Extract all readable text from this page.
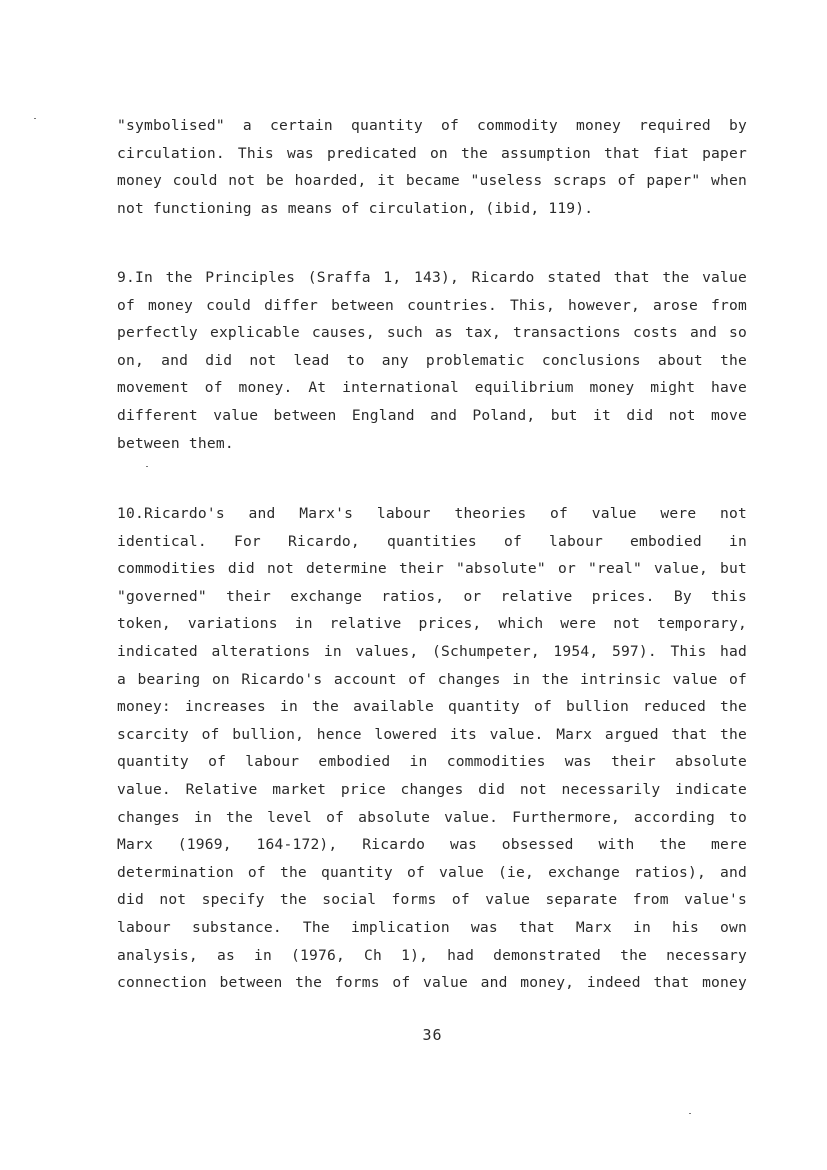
"symbolised" a certain quantity of commodity money required by
circulation. This was predicated on the assumption that fiat paper
money could not be hoarded, it became "useless scraps of paper" when
not functioning as means of circulation, (ibid, 119).
9.In the Principles (Sraffa 1, 143), Ricardo stated that the value
of money could differ between countries. This, however, arose from
perfectly explicable causes, such as tax, transactions costs and so
on, and did not lead to any problematic conclusions about the
movement of money. At international equilibrium money might have
different value between England and Poland, but it did not move
between them.
10.Ricardo's and Marx's labour theories of value were not
identical. For Ricardo, quantities of labour embodied in
commodities did not determine their "absolute" or "real" value, but
"governed" their exchange ratios, or relative prices. By this
token, variations in relative prices, which were not temporary,
indicated alterations in values, (Schumpeter, 1954, 597). This had
a bearing on Ricardo's account of changes in the intrinsic value of
money: increases in the available quantity of bullion reduced the
scarcity of bullion, hence lowered its value. Marx argued that the
quantity of labour embodied in commodities was their absolute
value. Relative market price changes did not necessarily indicate
changes in the level of absolute value. Furthermore, according to
Marx (1969, 164-172), Ricardo was obsessed with the mere
determination of the quantity of value (ie, exchange ratios), and
did not specify the social forms of value separate from value's
labour substance. The implication was that Marx in his own
analysis, as in (1976, Ch 1), had demonstrated the necessary
connection between the forms of value and money, indeed that money
36
